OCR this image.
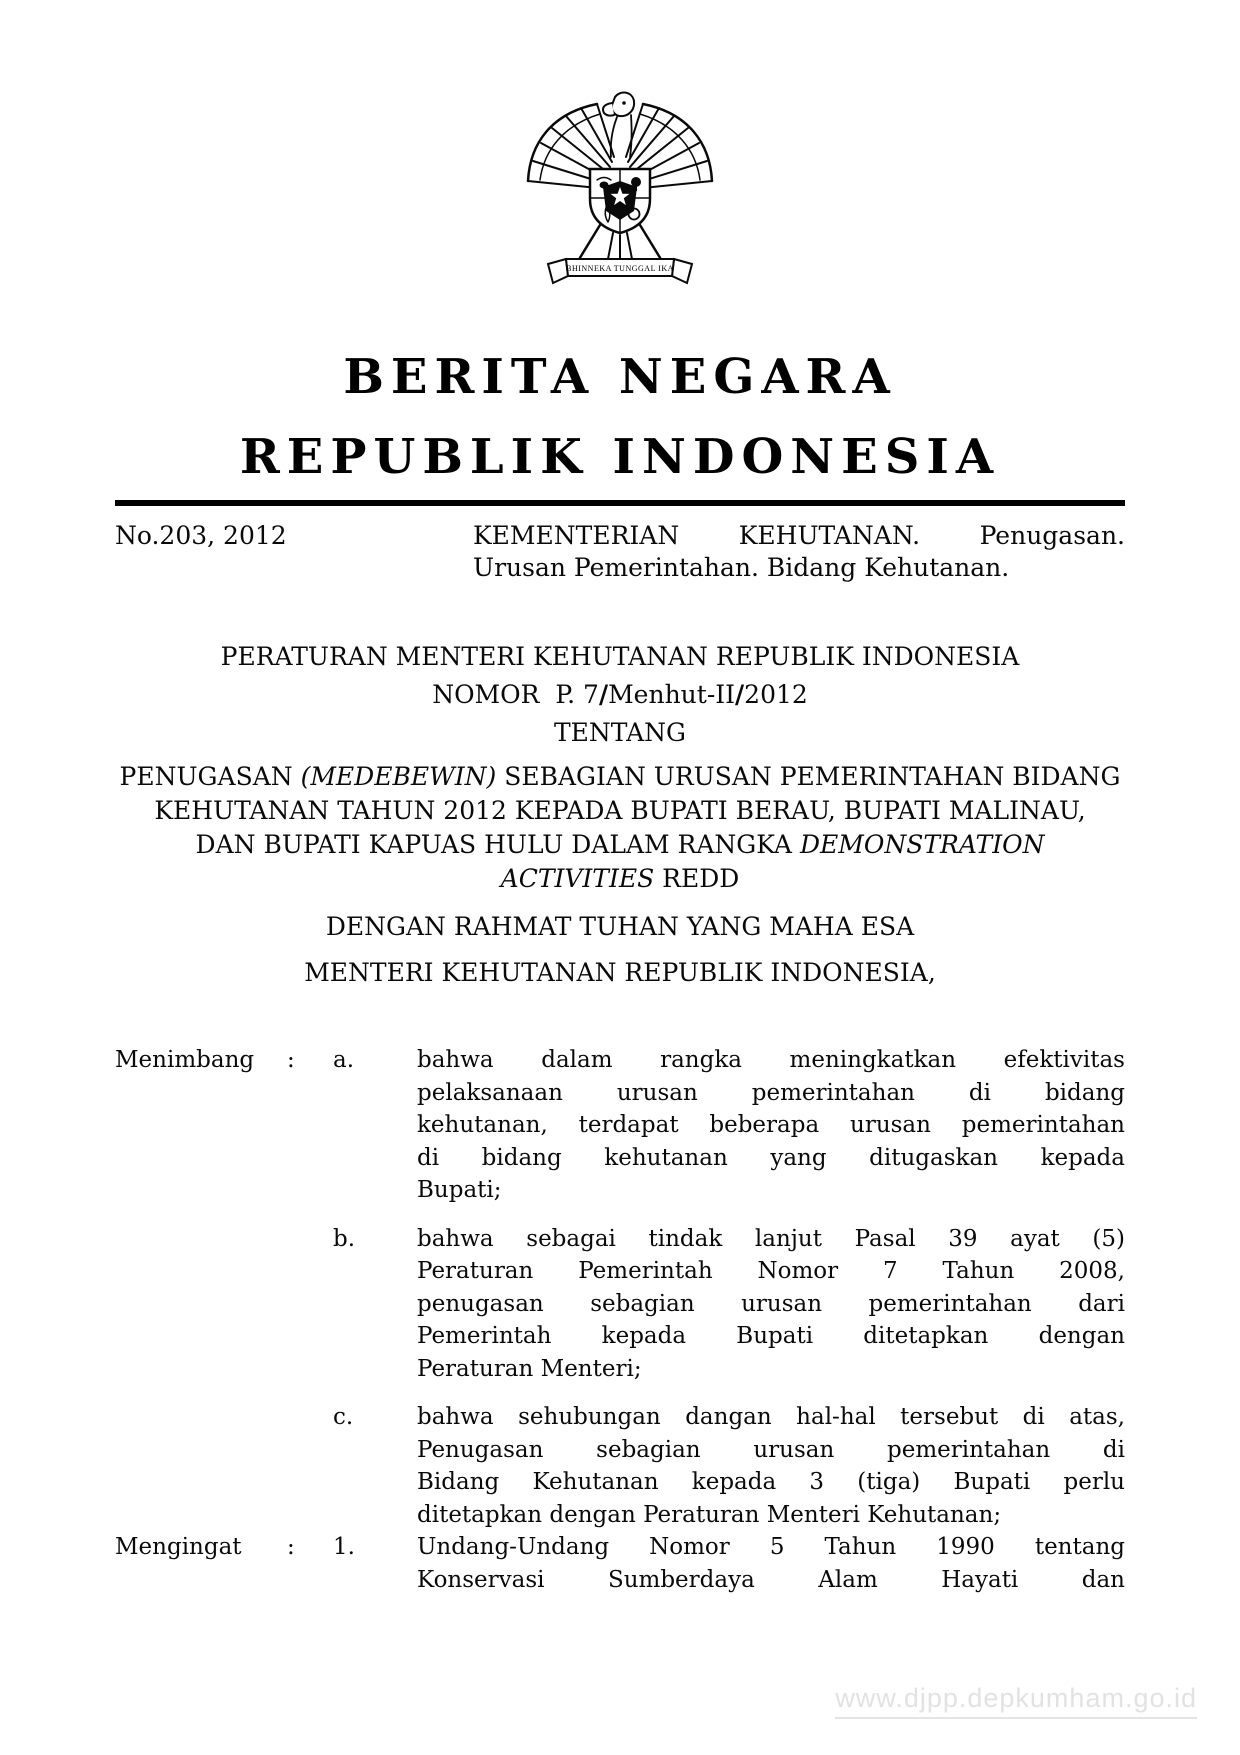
BHINNEKA TUNGGAL IKA
BERITA NEGARA
REPUBLIK INDONESIA
No.203, 2012	KEMENTERIAN KEHUTANAN. Penugasan.
Urusan Pemerintahan. Bidang Kehutanan.
PERATURAN MENTERI KEHUTANAN REPUBLIK INDONESIA
NOMOR  P. 7/Menhut-II/2012
TENTANG
PENUGASAN (MEDEBEWIN) SEBAGIAN URUSAN PEMERINTAHAN BIDANG
KEHUTANAN TAHUN 2012 KEPADA BUPATI BERAU, BUPATI MALINAU,
DAN BUPATI KAPUAS HULU DALAM RANGKA DEMONSTRATION
ACTIVITIES REDD
DENGAN RAHMAT TUHAN YANG MAHA ESA
MENTERI KEHUTANAN REPUBLIK INDONESIA,
Menimbang	:	a.	bahwa dalam rangka meningkatkan efektivitas
pelaksanaan urusan pemerintahan di bidang
kehutanan, terdapat beberapa urusan pemerintahan
di bidang kehutanan yang ditugaskan kepada
Bupati;
b.	bahwa sebagai tindak lanjut Pasal 39 ayat (5)
Peraturan Pemerintah Nomor 7 Tahun 2008,
penugasan sebagian urusan pemerintahan dari
Pemerintah kepada Bupati ditetapkan dengan
Peraturan Menteri;
c.	bahwa sehubungan dangan hal-hal tersebut di atas,
Penugasan sebagian urusan pemerintahan di
Bidang Kehutanan kepada 3 (tiga) Bupati perlu
ditetapkan dengan Peraturan Menteri Kehutanan;
Mengingat	:	1.	Undang-Undang Nomor 5 Tahun 1990 tentang
Konservasi Sumberdaya Alam Hayati dan
www.djpp.depkumham.go.id
